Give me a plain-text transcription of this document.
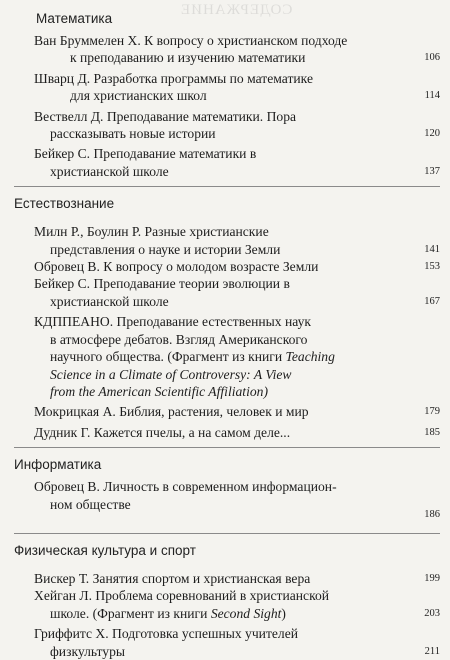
СОДЕРЖАНИЕ
Математика
Ван Бруммелен Х. К вопросу о христианском подходе
к преподаванию и изучению математики	106
Шварц Д. Разработка программы по математике
для христианских школ	114
Вествелл Д. Преподавание математики. Пора
рассказывать новые истории	120
Бейкер С. Преподавание математики в
христианской школе	137
Естествознание
Милн Р., Боулин Р. Разные христианские
представления о науке и истории Земли	141
Обровец В. К вопросу о молодом возрасте Земли	153
Бейкер С. Преподавание теории эволюции в
христианской школе	167
КДППЕАНО. Преподавание естественных наук
в атмосфере дебатов. Взгляд Американского
научного общества. (Фрагмент из книги Teaching
Science in a Climate of Controversy: A View
from the American Scientific Affiliation)
Мокрицкая А. Библия, растения, человек и мир	179
Дудник Г. Кажется пчелы, а на самом деле...	185
Информатика
Обровец В. Личность в современном информацион-
ном обществе
186
Физическая культура и спорт
Вискер Т. Занятия спортом и христианская вера	199
Хейган Л. Проблема соревнований в христианской
школе. (Фрагмент из книги Second Sight)	203
Гриффитс Х. Подготовка успешных учителей
физкультуры	211
